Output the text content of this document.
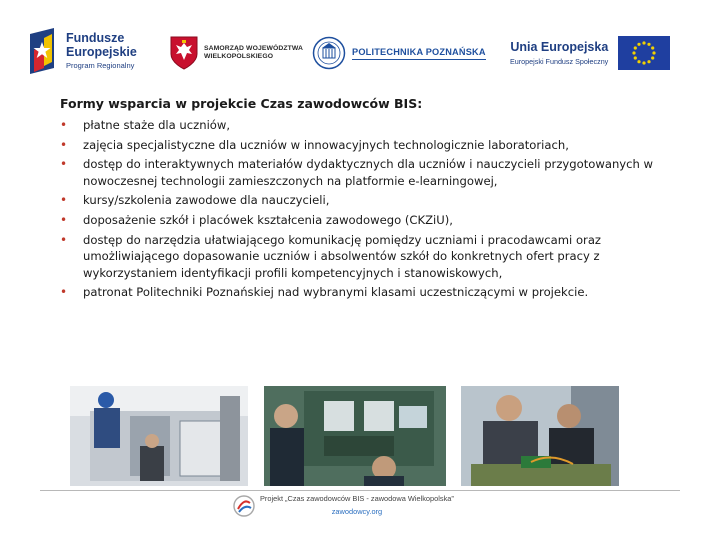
Fundusze
Europejskie
Program Regionalny
SAMORZĄD WOJEWÓDZTWA
WIELKOPOLSKIEGO	POLITECHNIKA POZNAŃSKA Unia Europejska
Europejski Fundusz Społeczny
Formy wsparcia w projekcie Czas zawodowców BIS:
• płatne staże dla uczniów,
• zajęcia specjalistyczne dla uczniów w innowacyjnych technologicznie laboratoriach,
• dostęp do interaktywnych materiałów dydaktycznych dla uczniów i nauczycieli przygotowanych w nowoczesnej technologii zamieszczonych na platformie e-learningowej,
• kursy/szkolenia zawodowe dla nauczycieli,
• doposażenie szkół i placówek kształcenia zawodowego (CKZiU),
• dostęp do narzędzia ułatwiającego komunikację pomiędzy uczniami i pracodawcami oraz umożliwiającego dopasowanie uczniów i absolwentów szkół do konkretnych ofert pracy z wykorzystaniem identyfikacji profili kompetencyjnych i stanowiskowych,
• patronat Politechniki Poznańskiej nad wybranymi klasami uczestniczącymi w projekcie.
Projekt „Czas zawodowców BIS - zawodowa Wielkopolska”
zawodowcy.org
